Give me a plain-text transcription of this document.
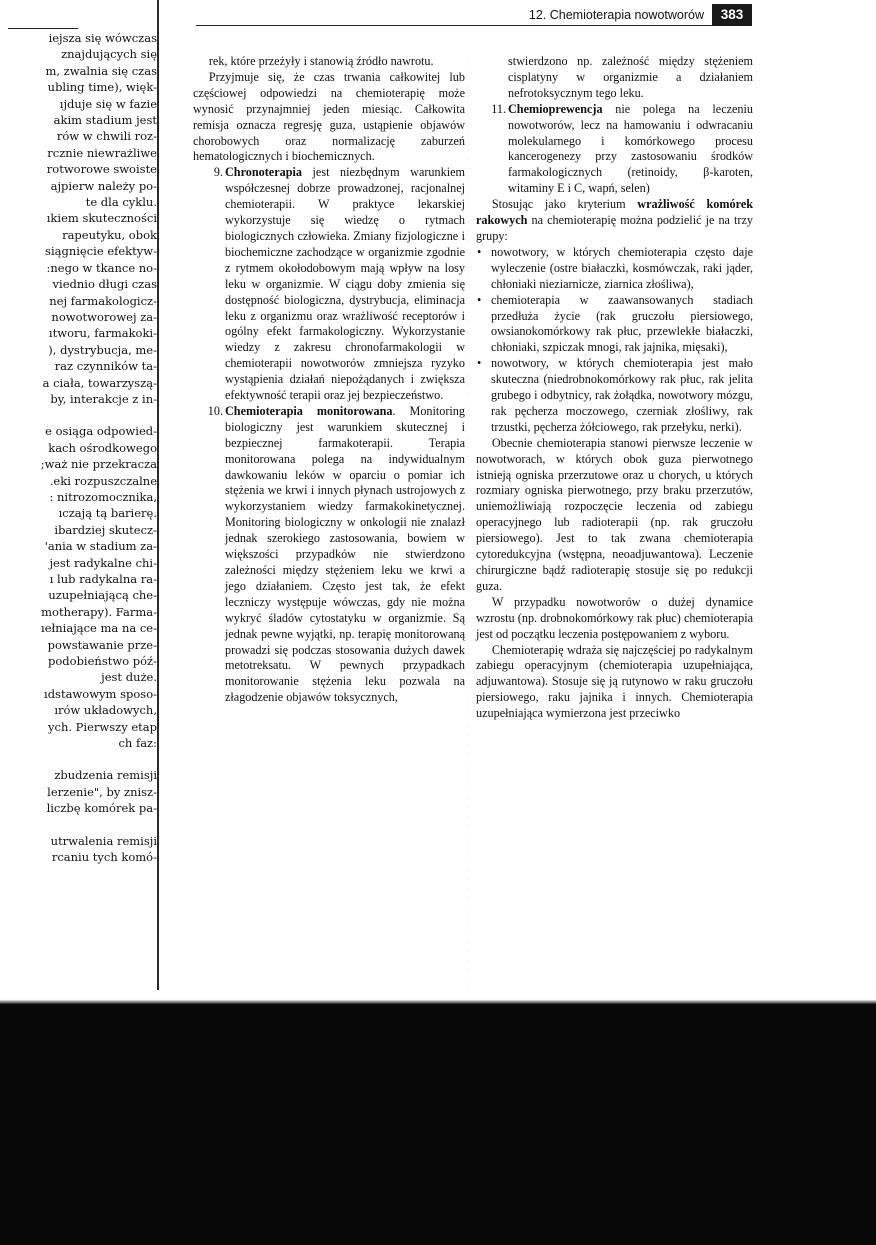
iejsza się wówczas
znajdujących się
m, zwalnia się czas
ubling time), więk-
ıjduje się w fazie
akim stadium jest
rów w chwili roz-
rcznie niewrażliwe
rotworowe swoiste
ajpierw należy po-
te dla cyklu.
ıkiem skuteczności
rapeutyku, obok
siągnięcie efektyw-
:nego w tkance no-
viednio długi czas
nej farmakologicz-
nowotworowej za-
ıtworu, farmakoki-
), dystrybucja, me-
raz czynników ta-
a ciała, towarzyszą-
by, interakcje z in-
e osiąga odpowied-
kach ośrodkowego
;waż nie przekracza
.eki rozpuszczalne
: nitrozomocznika,
ıczają tą barierę.
ibardziej skutecz-
'ania w stadium za-
jest radykalne chi-
ı lub radykalna ra-
uzupełniającą che-
motherapy). Farma-
ıełniające ma na ce-
powstawanie prze-
podobieństwo póź-
jest duże.
ıdstawowym sposo-
ırów układowych,
ych. Pierwszy etap
ch faz:
zbudzenia remisji
lerzenie", by znisz-
liczbę komórek pa-
utrwalenia remisji
rcaniu tych komó-
12. Chemioterapia nowotworów	383

rek, które przeżyły i stanowią źródło nawrotu.

Przyjmuje się, że czas trwania całkowitej lub częściowej odpowiedzi na chemioterapię może wynosić przynajmniej jeden miesiąc. Całkowita remisja oznacza regresję guza, ustąpienie objawów chorobowych oraz normalizację zaburzeń hematologicznych i biochemicznych.

9. Chronoterapia jest niezbędnym warunkiem współczesnej dobrze prowadzonej, racjonalnej chemioterapii. W praktyce lekarskiej wykorzystuje się wiedzę o rytmach biologicznych człowieka. Zmiany fizjologiczne i biochemiczne zachodzące w organizmie zgodnie z rytmem okołodobowym mają wpływ na losy leku w organizmie. W ciągu doby zmienia się dostępność biologiczna, dystrybucja, eliminacja leku z organizmu oraz wrażliwość receptorów i ogólny efekt farmakologiczny. Wykorzystanie wiedzy z zakresu chronofarmakologii w chemioterapii nowotworów zmniejsza ryzyko wystąpienia działań niepożądanych i zwiększa efektywność terapii oraz jej bezpieczeństwo.

10. Chemioterapia monitorowana. Monitoring biologiczny jest warunkiem skutecznej i bezpiecznej farmakoterapii. Terapia monitorowana polega na indywidualnym dawkowaniu leków w oparciu o pomiar ich stężenia we krwi i innych płynach ustrojowych z wykorzystaniem wiedzy farmakokinetycznej. Monitoring biologiczny w onkologii nie znalazł jednak szerokiego zastosowania, bowiem w większości przypadków nie stwierdzono zależności między stężeniem leku we krwi a jego działaniem. Często jest tak, że efekt leczniczy występuje wówczas, gdy nie można wykryć śladów cytostatyku w organizmie. Są jednak pewne wyjątki, np. terapię monitorowaną prowadzi się podczas stosowania dużych dawek metotreksatu. W pewnych przypadkach monitorowanie stężenia leku pozwala na złagodzenie objawów toksycznych,

stwierdzono np. zależność między stężeniem cisplatyny w organizmie a działaniem nefrotoksycznym tego leku.

11. Chemioprewencja nie polega na leczeniu nowotworów, lecz na hamowaniu i odwracaniu molekularnego i komórkowego procesu kancerogenezy przy zastosowaniu środków farmakologicznych (retinoidy, β-karoten, witaminy E i C, wapń, selen)

Stosując jako kryterium wrażliwość komórek rakowych na chemioterapię można podzielić je na trzy grupy:

• nowotwory, w których chemioterapia często daje wyleczenie (ostre białaczki, kosmówczak, raki jąder, chłoniaki nieziarnicze, ziarnica złośliwa),

• chemioterapia w zaawansowanych stadiach przedłuża życie (rak gruczołu piersiowego, owsianokomórkowy rak płuc, przewlekłe białaczki, chłoniaki, szpiczak mnogi, rak jajnika, mięsaki),

• nowotwory, w których chemioterapia jest mało skuteczna (niedrobnokomórkowy rak płuc, rak jelita grubego i odbytnicy, rak żołądka, nowotwory mózgu, rak pęcherza moczowego, czerniak złośliwy, rak trzustki, pęcherza żółciowego, rak przełyku, nerki).

Obecnie chemioterapia stanowi pierwsze leczenie w nowotworach, w których obok guza pierwotnego istnieją ogniska przerzutowe oraz u chorych, u których rozmiary ogniska pierwotnego, przy braku przerzutów, uniemożliwiają rozpoczęcie leczenia od zabiegu operacyjnego lub radioterapii (np. rak gruczołu piersiowego). Jest to tak zwana chemioterapia cytoredukcyjna (wstępna, neoadjuwantowa). Leczenie chirurgiczne bądź radioterapię stosuje się po redukcji guza.

W przypadku nowotworów o dużej dynamice wzrostu (np. drobnokomórkowy rak płuc) chemioterapia jest od początku leczenia postępowaniem z wyboru.

Chemioterapię wdraża się najczęściej po radykalnym zabiegu operacyjnym (chemioterapia uzupełniająca, adjuwantowa). Stosuje się ją rutynowo w raku gruczołu piersiowego, raku jajnika i innych. Chemioterapia uzupełniająca wymierzona jest przeciwko
